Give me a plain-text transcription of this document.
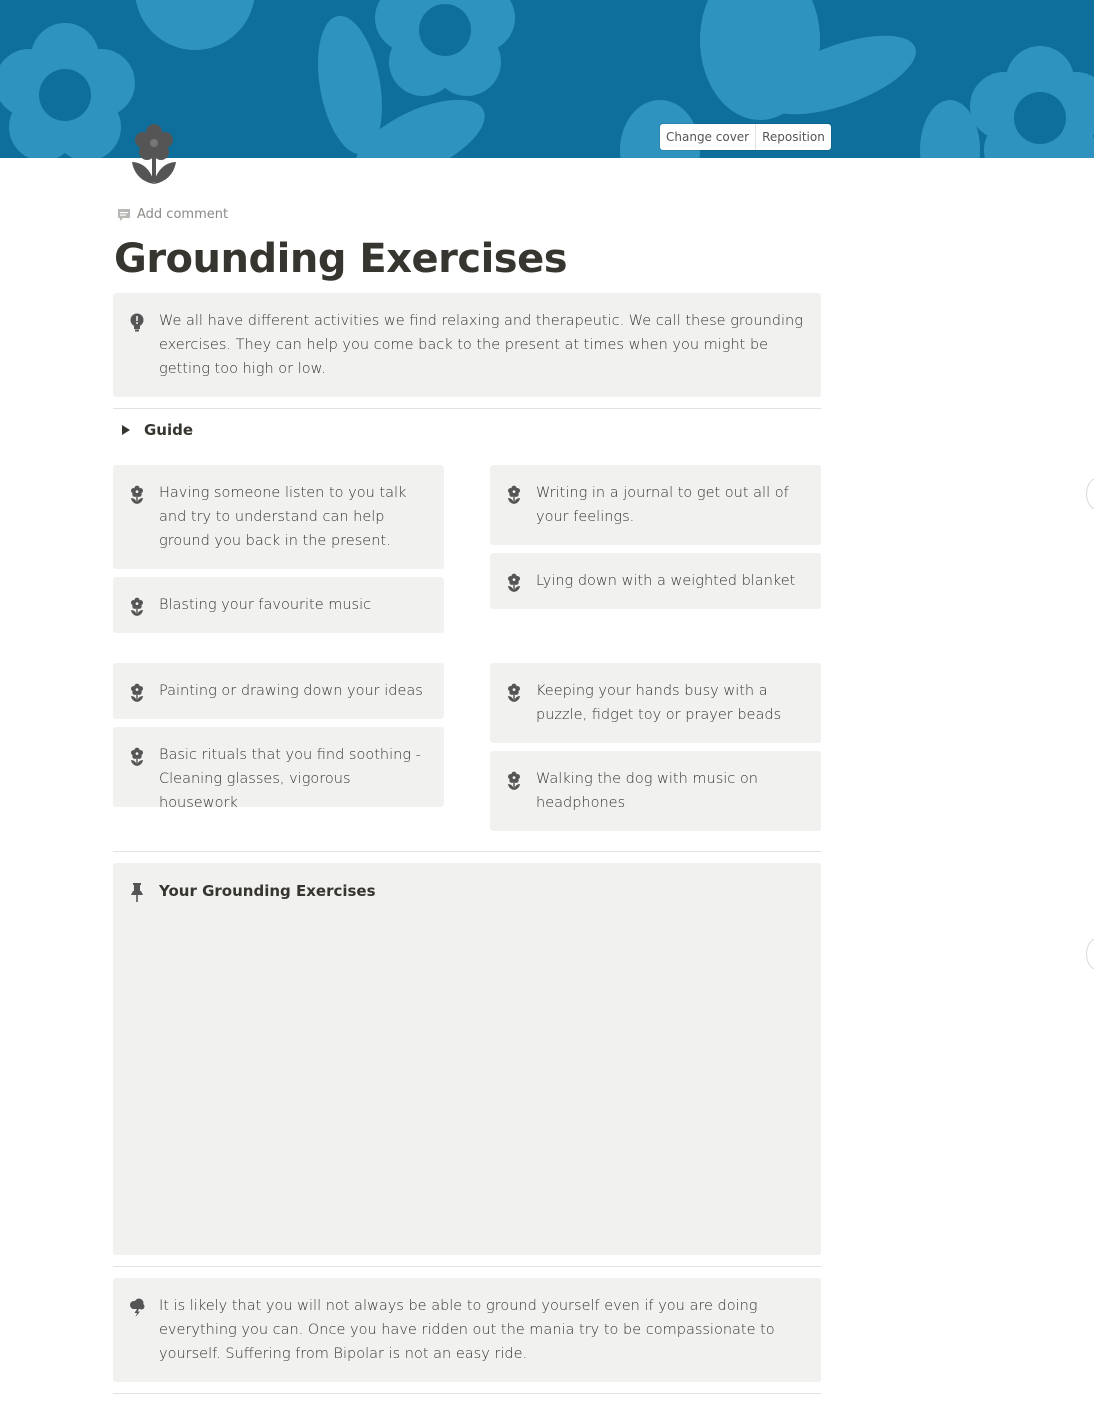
Change cover	Reposition
Add comment
Grounding Exercises
We all have different activities we find relaxing and therapeutic. We call these grounding exercises. They can help you come back to the present at times when you might be getting too high or low.
Guide
Having someone listen to you talk and try to understand can help ground you back in the present.
Blasting your favourite music
Writing in a journal to get out all of your feelings.
Lying down with a weighted blanket
Painting or drawing down your ideas
Basic rituals that you find soothing - Cleaning glasses, vigorous housework
Keeping your hands busy with a puzzle, fidget toy or prayer beads
Walking the dog with music on headphones
Your Grounding Exercises
It is likely that you will not always be able to ground yourself even if you are doing everything you can. Once you have ridden out the mania try to be compassionate to yourself. Suffering from Bipolar is not an easy ride.
